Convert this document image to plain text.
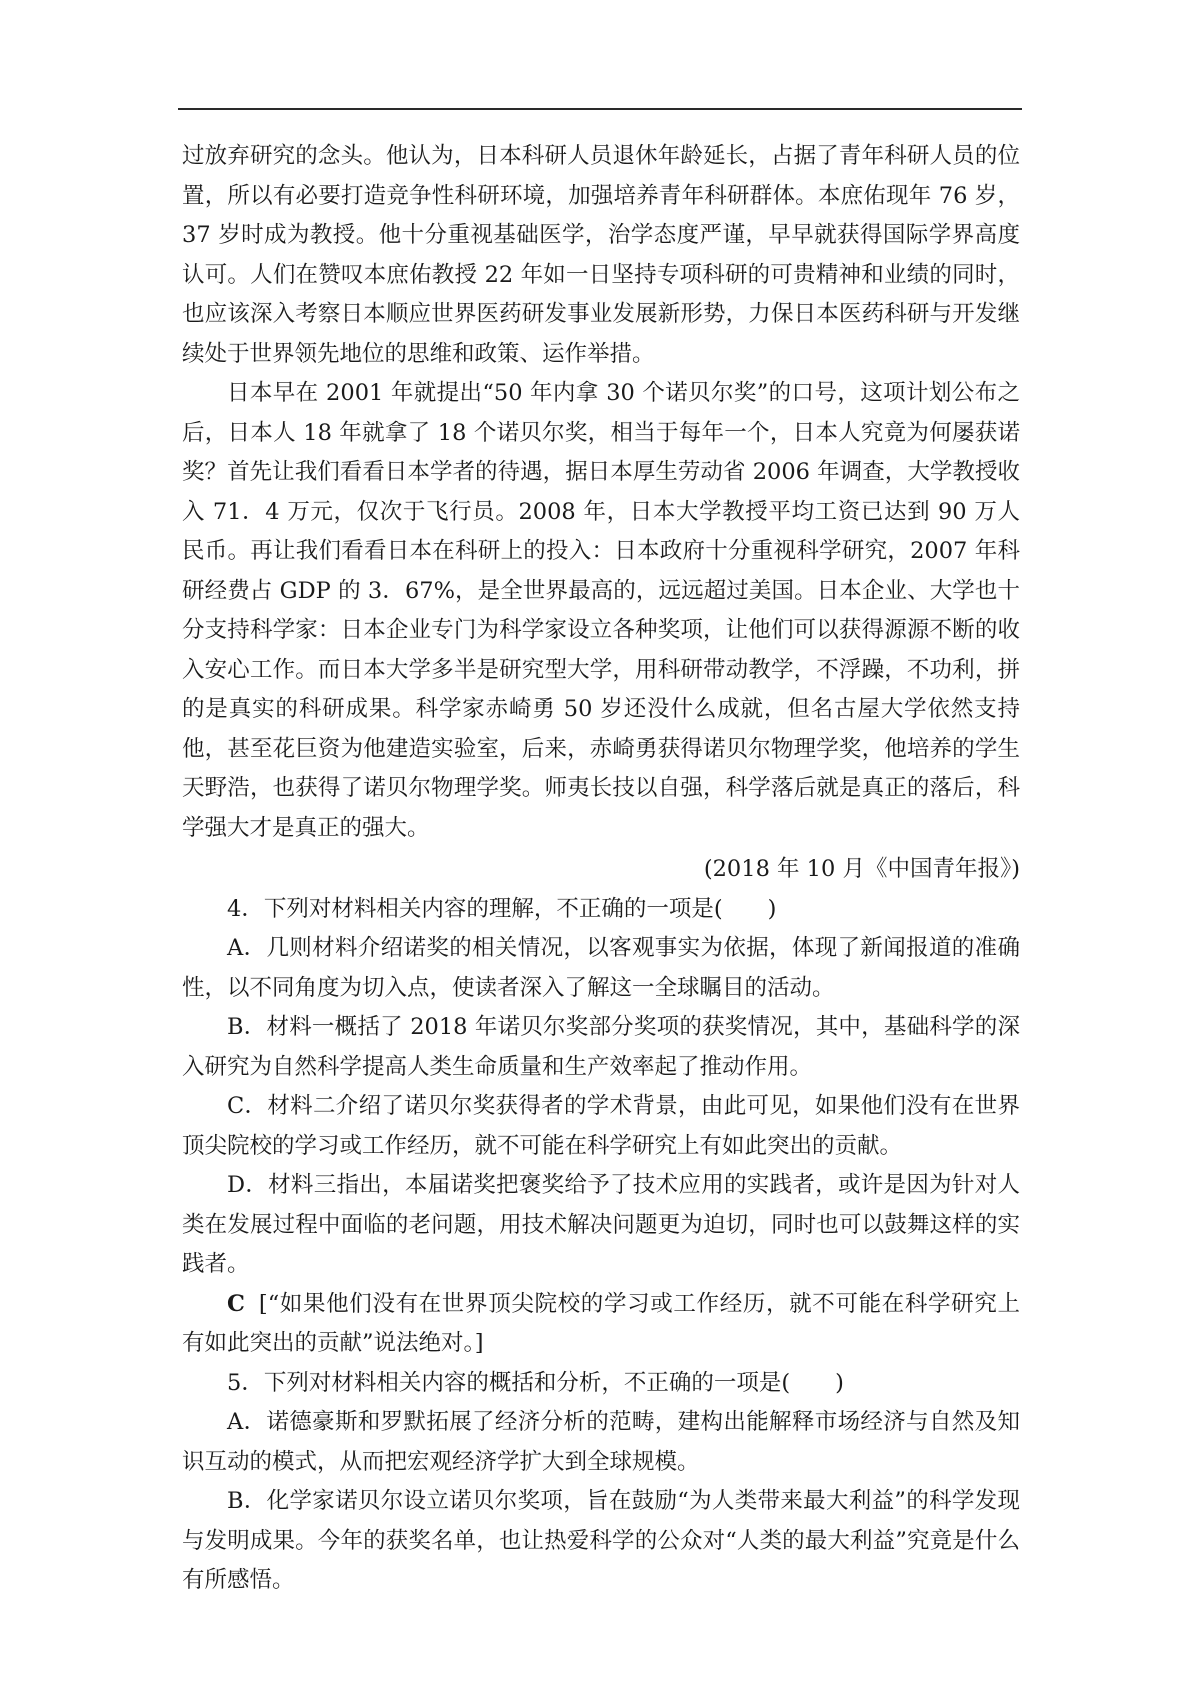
过放弃研究的念头。他认为，日本科研人员退休年龄延长，占据了青年科研人员的位置，所以有必要打造竞争性科研环境，加强培养青年科研群体。本庶佑现年 76 岁，37 岁时成为教授。他十分重视基础医学，治学态度严谨，早早就获得国际学界高度认可。人们在赞叹本庶佑教授 22 年如一日坚持专项科研的可贵精神和业绩的同时，也应该深入考察日本顺应世界医药研发事业发展新形势，力保日本医药科研与开发继续处于世界领先地位的思维和政策、运作举措。

日本早在 2001 年就提出“50 年内拿 30 个诺贝尔奖”的口号，这项计划公布之后，日本人 18 年就拿了 18 个诺贝尔奖，相当于每年一个，日本人究竟为何屡获诺奖？首先让我们看看日本学者的待遇，据日本厚生劳动省 2006 年调查，大学教授收入 71．4 万元，仅次于飞行员。2008 年，日本大学教授平均工资已达到 90 万人民币。再让我们看看日本在科研上的投入：日本政府十分重视科学研究，2007 年科研经费占 GDP 的 3．67%，是全世界最高的，远远超过美国。日本企业、大学也十分支持科学家：日本企业专门为科学家设立各种奖项，让他们可以获得源源不断的收入安心工作。而日本大学多半是研究型大学，用科研带动教学，不浮躁，不功利，拼的是真实的科研成果。科学家赤崎勇 50 岁还没什么成就，但名古屋大学依然支持他，甚至花巨资为他建造实验室，后来，赤崎勇获得诺贝尔物理学奖，他培养的学生天野浩，也获得了诺贝尔物理学奖。师夷长技以自强，科学落后就是真正的落后，科学强大才是真正的强大。

(2018 年 10 月《中国青年报》)

4．下列对材料相关内容的理解，不正确的一项是(　　)

A．几则材料介绍诺奖的相关情况，以客观事实为依据，体现了新闻报道的准确性，以不同角度为切入点，使读者深入了解这一全球瞩目的活动。

B．材料一概括了 2018 年诺贝尔奖部分奖项的获奖情况，其中，基础科学的深入研究为自然科学提高人类生命质量和生产效率起了推动作用。

C．材料二介绍了诺贝尔奖获得者的学术背景，由此可见，如果他们没有在世界顶尖院校的学习或工作经历，就不可能在科学研究上有如此突出的贡献。

D．材料三指出，本届诺奖把褒奖给予了技术应用的实践者，或许是因为针对人类在发展过程中面临的老问题，用技术解决问题更为迫切，同时也可以鼓舞这样的实践者。

C [“如果他们没有在世界顶尖院校的学习或工作经历，就不可能在科学研究上有如此突出的贡献”说法绝对。]

5．下列对材料相关内容的概括和分析，不正确的一项是(　　)

A．诺德豪斯和罗默拓展了经济分析的范畴，建构出能解释市场经济与自然及知识互动的模式，从而把宏观经济学扩大到全球规模。

B．化学家诺贝尔设立诺贝尔奖项，旨在鼓励“为人类带来最大利益”的科学发现与发明成果。今年的获奖名单，也让热爱科学的公众对“人类的最大利益”究竟是什么有所感悟。
